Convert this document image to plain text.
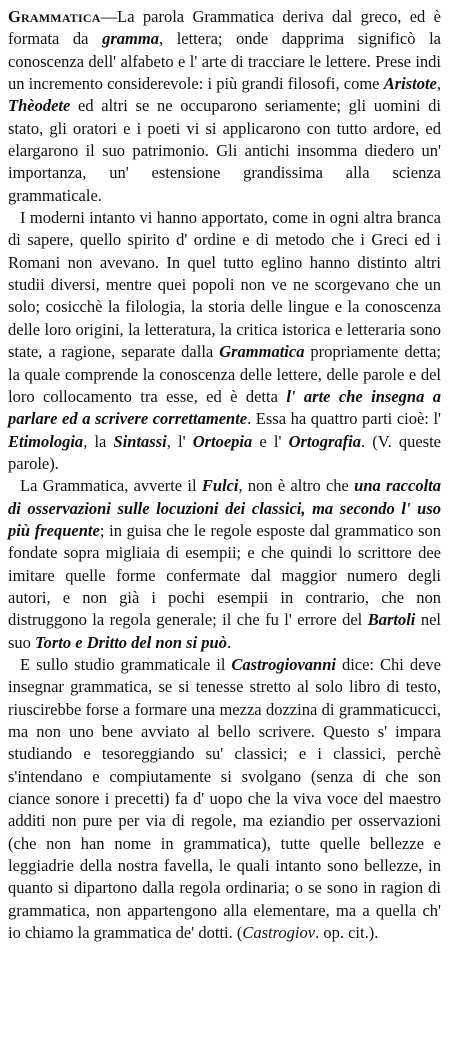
Grammatica—La parola Grammatica deriva dal greco, ed è formata da gramma, lettera; onde dapprima significò la conoscenza dell' alfabeto e l' arte di tracciare le lettere. Prese indi un incremento considerevole: i più grandi filosofi, come Aristote, Thèodete ed altri se ne occuparono seriamente; gli uomini di stato, gli oratori e i poeti vi si applicarono con tutto ardore, ed elargarono il suo patrimonio. Gli antichi insomma diedero un' importanza, un' estensione grandissima alla scienza grammaticale.

I moderni intanto vi hanno apportato, come in ogni altra branca di sapere, quello spirito d' ordine e di metodo che i Greci ed i Romani non avevano. In quel tutto eglino hanno distinto altri studii diversi, mentre quei popoli non ve ne scorgevano che un solo; cosicchè la filologia, la storia delle lingue e la conoscenza delle loro origini, la letteratura, la critica istorica e letteraria sono state, a ragione, separate dalla Grammatica propriamente detta; la quale comprende la conoscenza delle lettere, delle parole e del loro collocamento tra esse, ed è detta l' arte che insegna a parlare ed a scrivere correttamente. Essa ha quattro parti cioè: l' Etimologia, la Sintassi, l' Ortoepia e l' Ortografia. (V. queste parole).

La Grammatica, avverte il Fulci, non è altro che una raccolta di osservazioni sulle locuzioni dei classici, ma secondo l' uso più frequente; in guisa che le regole esposte dal grammatico son fondate sopra migliaia di esempii; e che quindi lo scrittore dee imitare quelle forme confermate dal maggior numero degli autori, e non già i pochi esempii in contrario, che non distruggono la regola generale; il che fu l' errore del Bartoli nel suo Torto e Dritto del non si può.

E sullo studio grammaticale il Castrogiovanni dice: Chi deve insegnar grammatica, se si tenesse stretto al solo libro di testo, riuscirebbe forse a formare una mezza dozzina di grammaticucci, ma non uno bene avviato al bello scrivere. Questo s' impara studiando e tesoreggiando su' classici; e i classici, perchè s'intendano e compiutamente si svolgano (senza di che son ciance sonore i precetti) fa d' uopo che la viva voce del maestro additi non pure per via di regole, ma eziandio per osservazioni (che non han nome in grammatica), tutte quelle bellezze e leggiadrie della nostra favella, le quali intanto sono bellezze, in quanto si dipartono dalla regola ordinaria; o se sono in ragion di grammatica, non appartengono alla elementare, ma a quella ch' io chiamo la grammatica de' dotti. (Castrogiov. op. cit.).
